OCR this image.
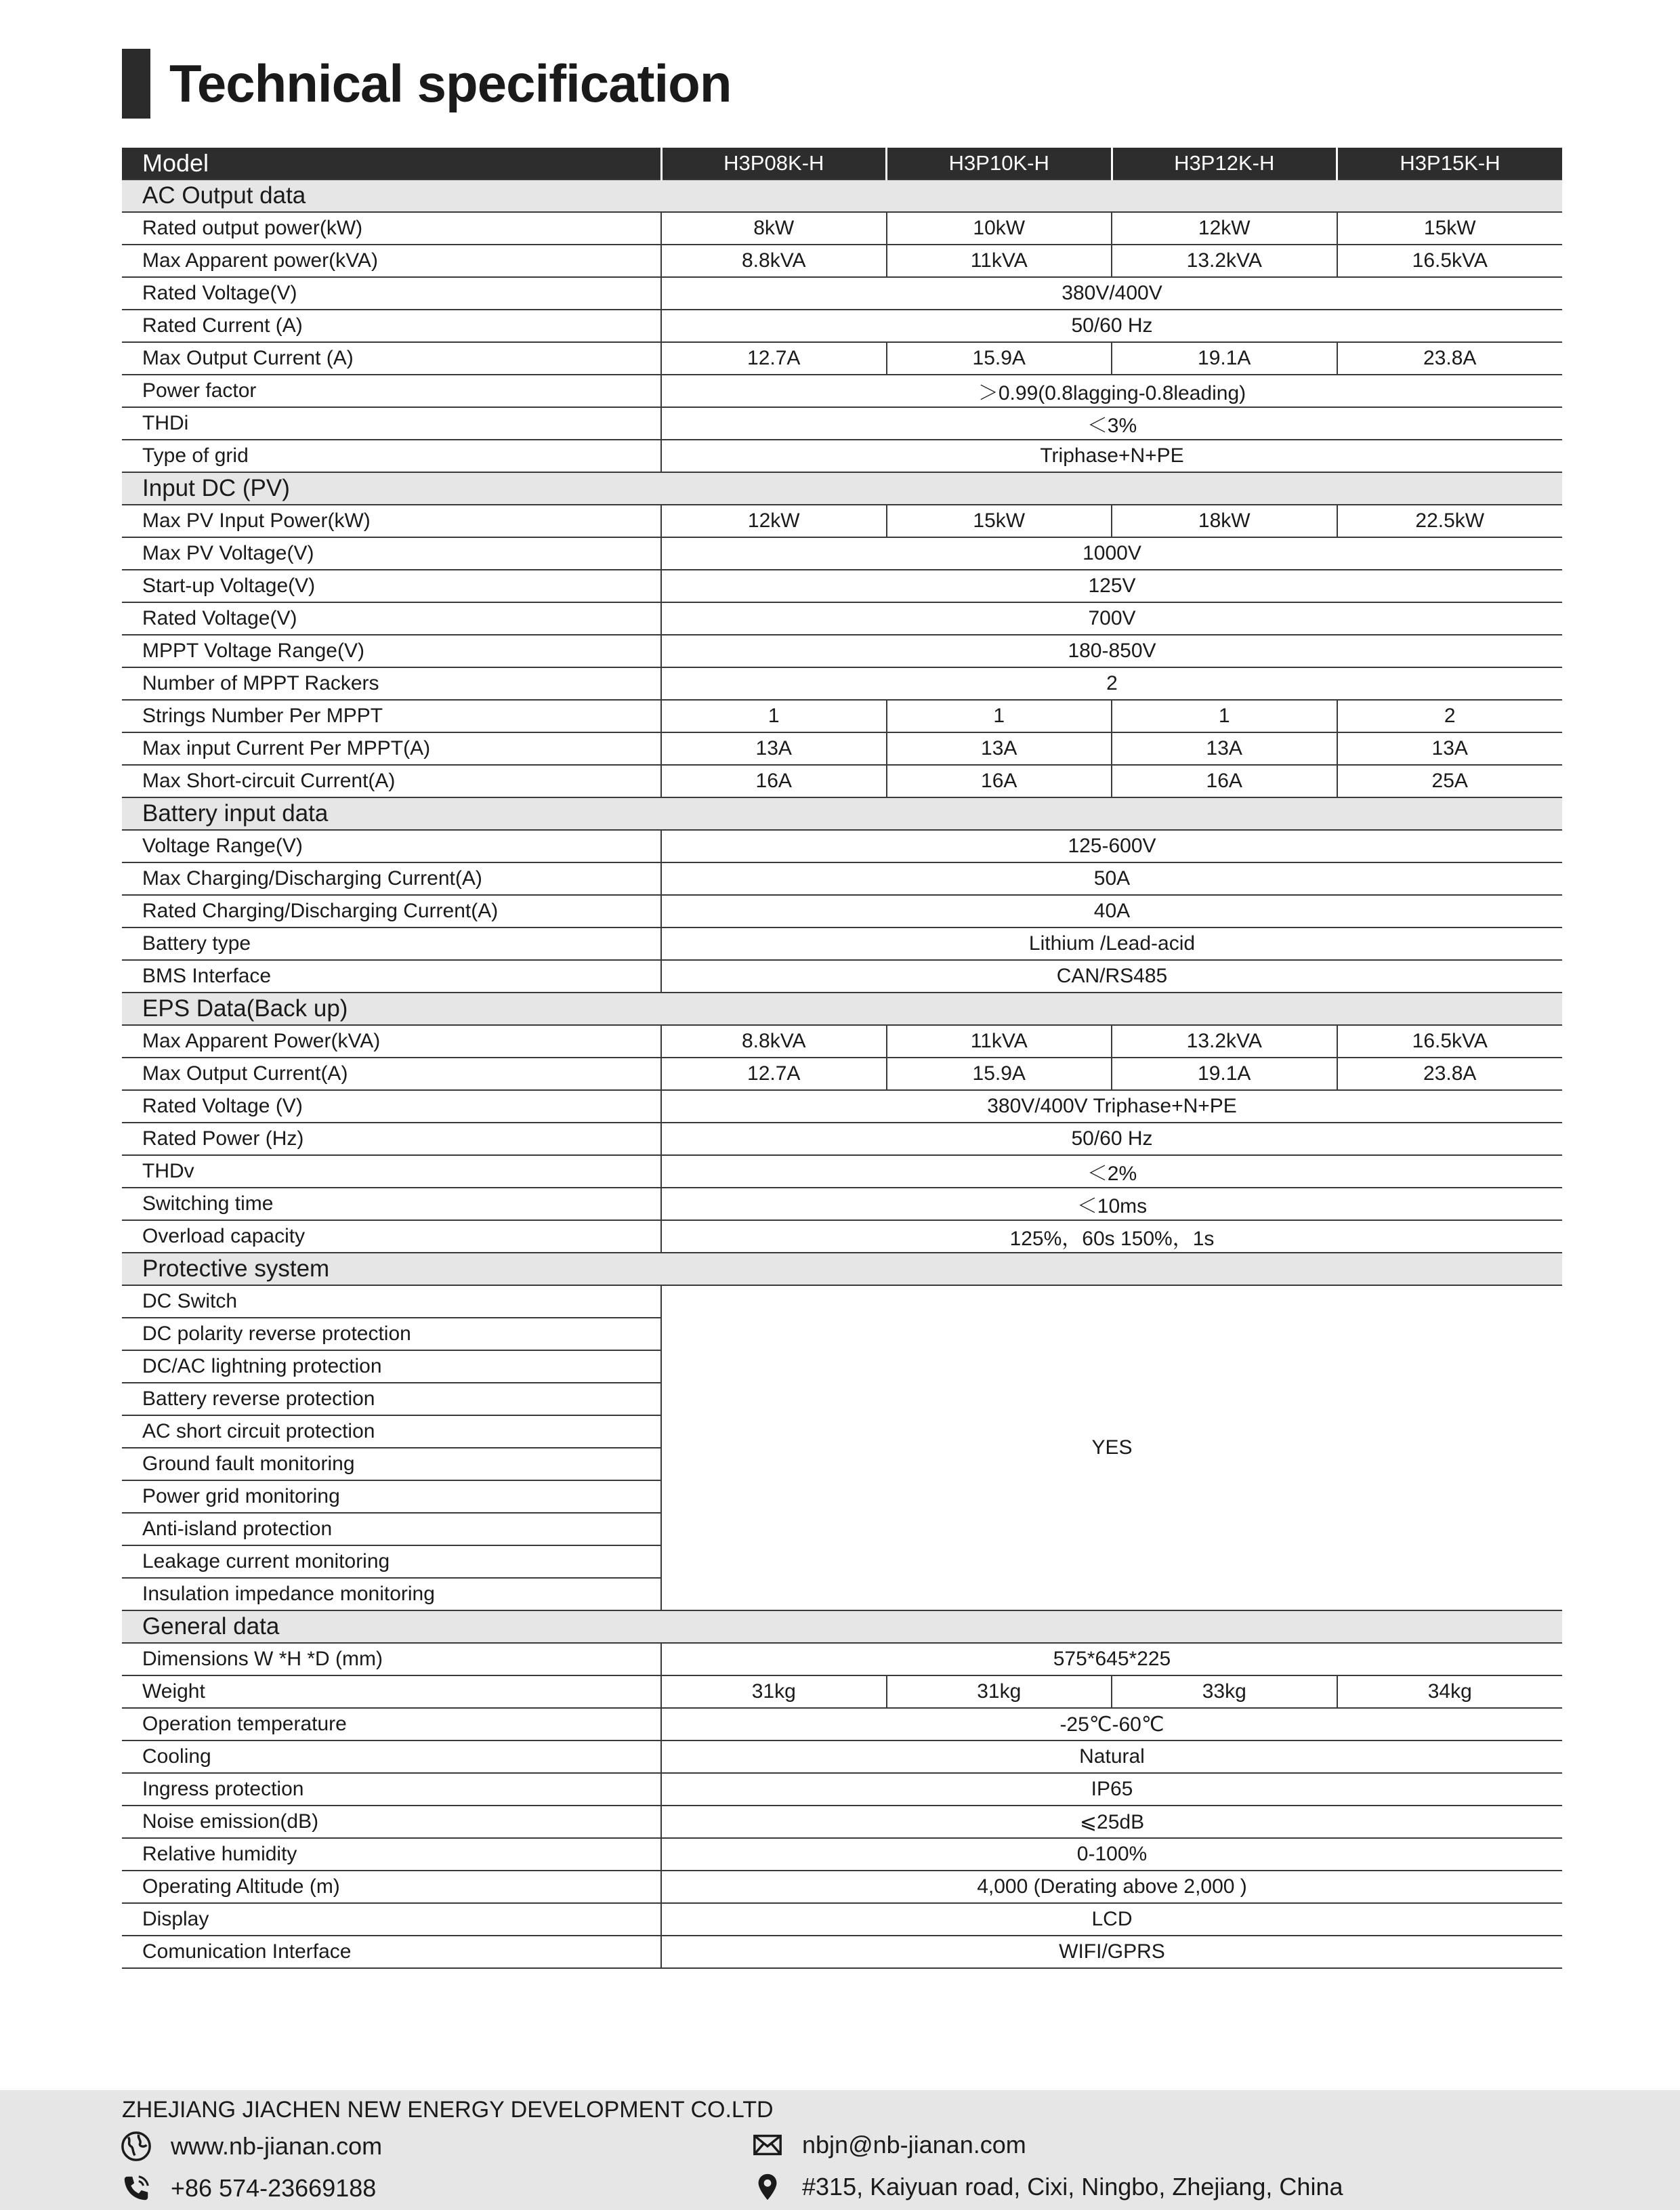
Technical specification
Model	H3P08K-H	H3P10K-H	H3P12K-H	H3P15K-H
AC Output data				
Rated output power(kW)	8kW	10kW	12kW	15kW
Max Apparent power(kVA)	8.8kVA	11kVA	13.2kVA	16.5kVA
Rated Voltage(V)	380V/400V			
Rated Current (A)	50/60 Hz			
Max Output Current (A)	12.7A	15.9A	19.1A	23.8A
Power factor	＞0.99(0.8lagging-0.8leading)			
THDi	＜3%			
Type of grid	Triphase+N+PE			
Input DC (PV)				
Max PV Input Power(kW)	12kW	15kW	18kW	22.5kW
Max PV Voltage(V)	1000V			
Start-up Voltage(V)	125V			
Rated Voltage(V)	700V			
MPPT Voltage Range(V)	180-850V			
Number of MPPT Rackers	2			
Strings Number Per MPPT	1	1	1	2
Max input Current Per MPPT(A)	13A	13A	13A	13A
Max Short-circuit Current(A)	16A	16A	16A	25A
Battery input data				
Voltage Range(V)	125-600V			
Max Charging/Discharging Current(A)	50A			
Rated Charging/Discharging Current(A)	40A			
Battery type	Lithium /Lead-acid			
BMS Interface	CAN/RS485			
EPS Data(Back up)				
Max Apparent Power(kVA)	8.8kVA	11kVA	13.2kVA	16.5kVA
Max Output Current(A)	12.7A	15.9A	19.1A	23.8A
Rated Voltage (V)	380V/400V Triphase+N+PE			
Rated Power (Hz)	50/60 Hz			
THDv	＜2%			
Switching time	＜10ms			
Overload capacity	125%，60s 150%，1s			
Protective system				
DC Switch	YES			
DC polarity reverse protection				
DC/AC lightning protection				
Battery reverse protection				
AC short circuit protection				
Ground fault monitoring				
Power grid monitoring				
Anti-island protection				
Leakage current monitoring				
Insulation impedance monitoring				
General data				
Dimensions W *H *D (mm)	575*645*225			
Weight	31kg	31kg	33kg	34kg
Operation temperature	-25℃-60℃			
Cooling	Natural			
Ingress protection	IP65			
Noise emission(dB)	⩽25dB			
Relative humidity	0-100%			
Operating Altitude (m)	4,000 (Derating above 2,000 )			
Display	LCD			
Comunication Interface	WIFI/GPRS			
ZHEJIANG JIACHEN NEW ENERGY DEVELOPMENT CO.LTD
www.nb-jianan.com
+86 574-23669188
nbjn@nb-jianan.com
#315, Kaiyuan road, Cixi, Ningbo, Zhejiang, China
